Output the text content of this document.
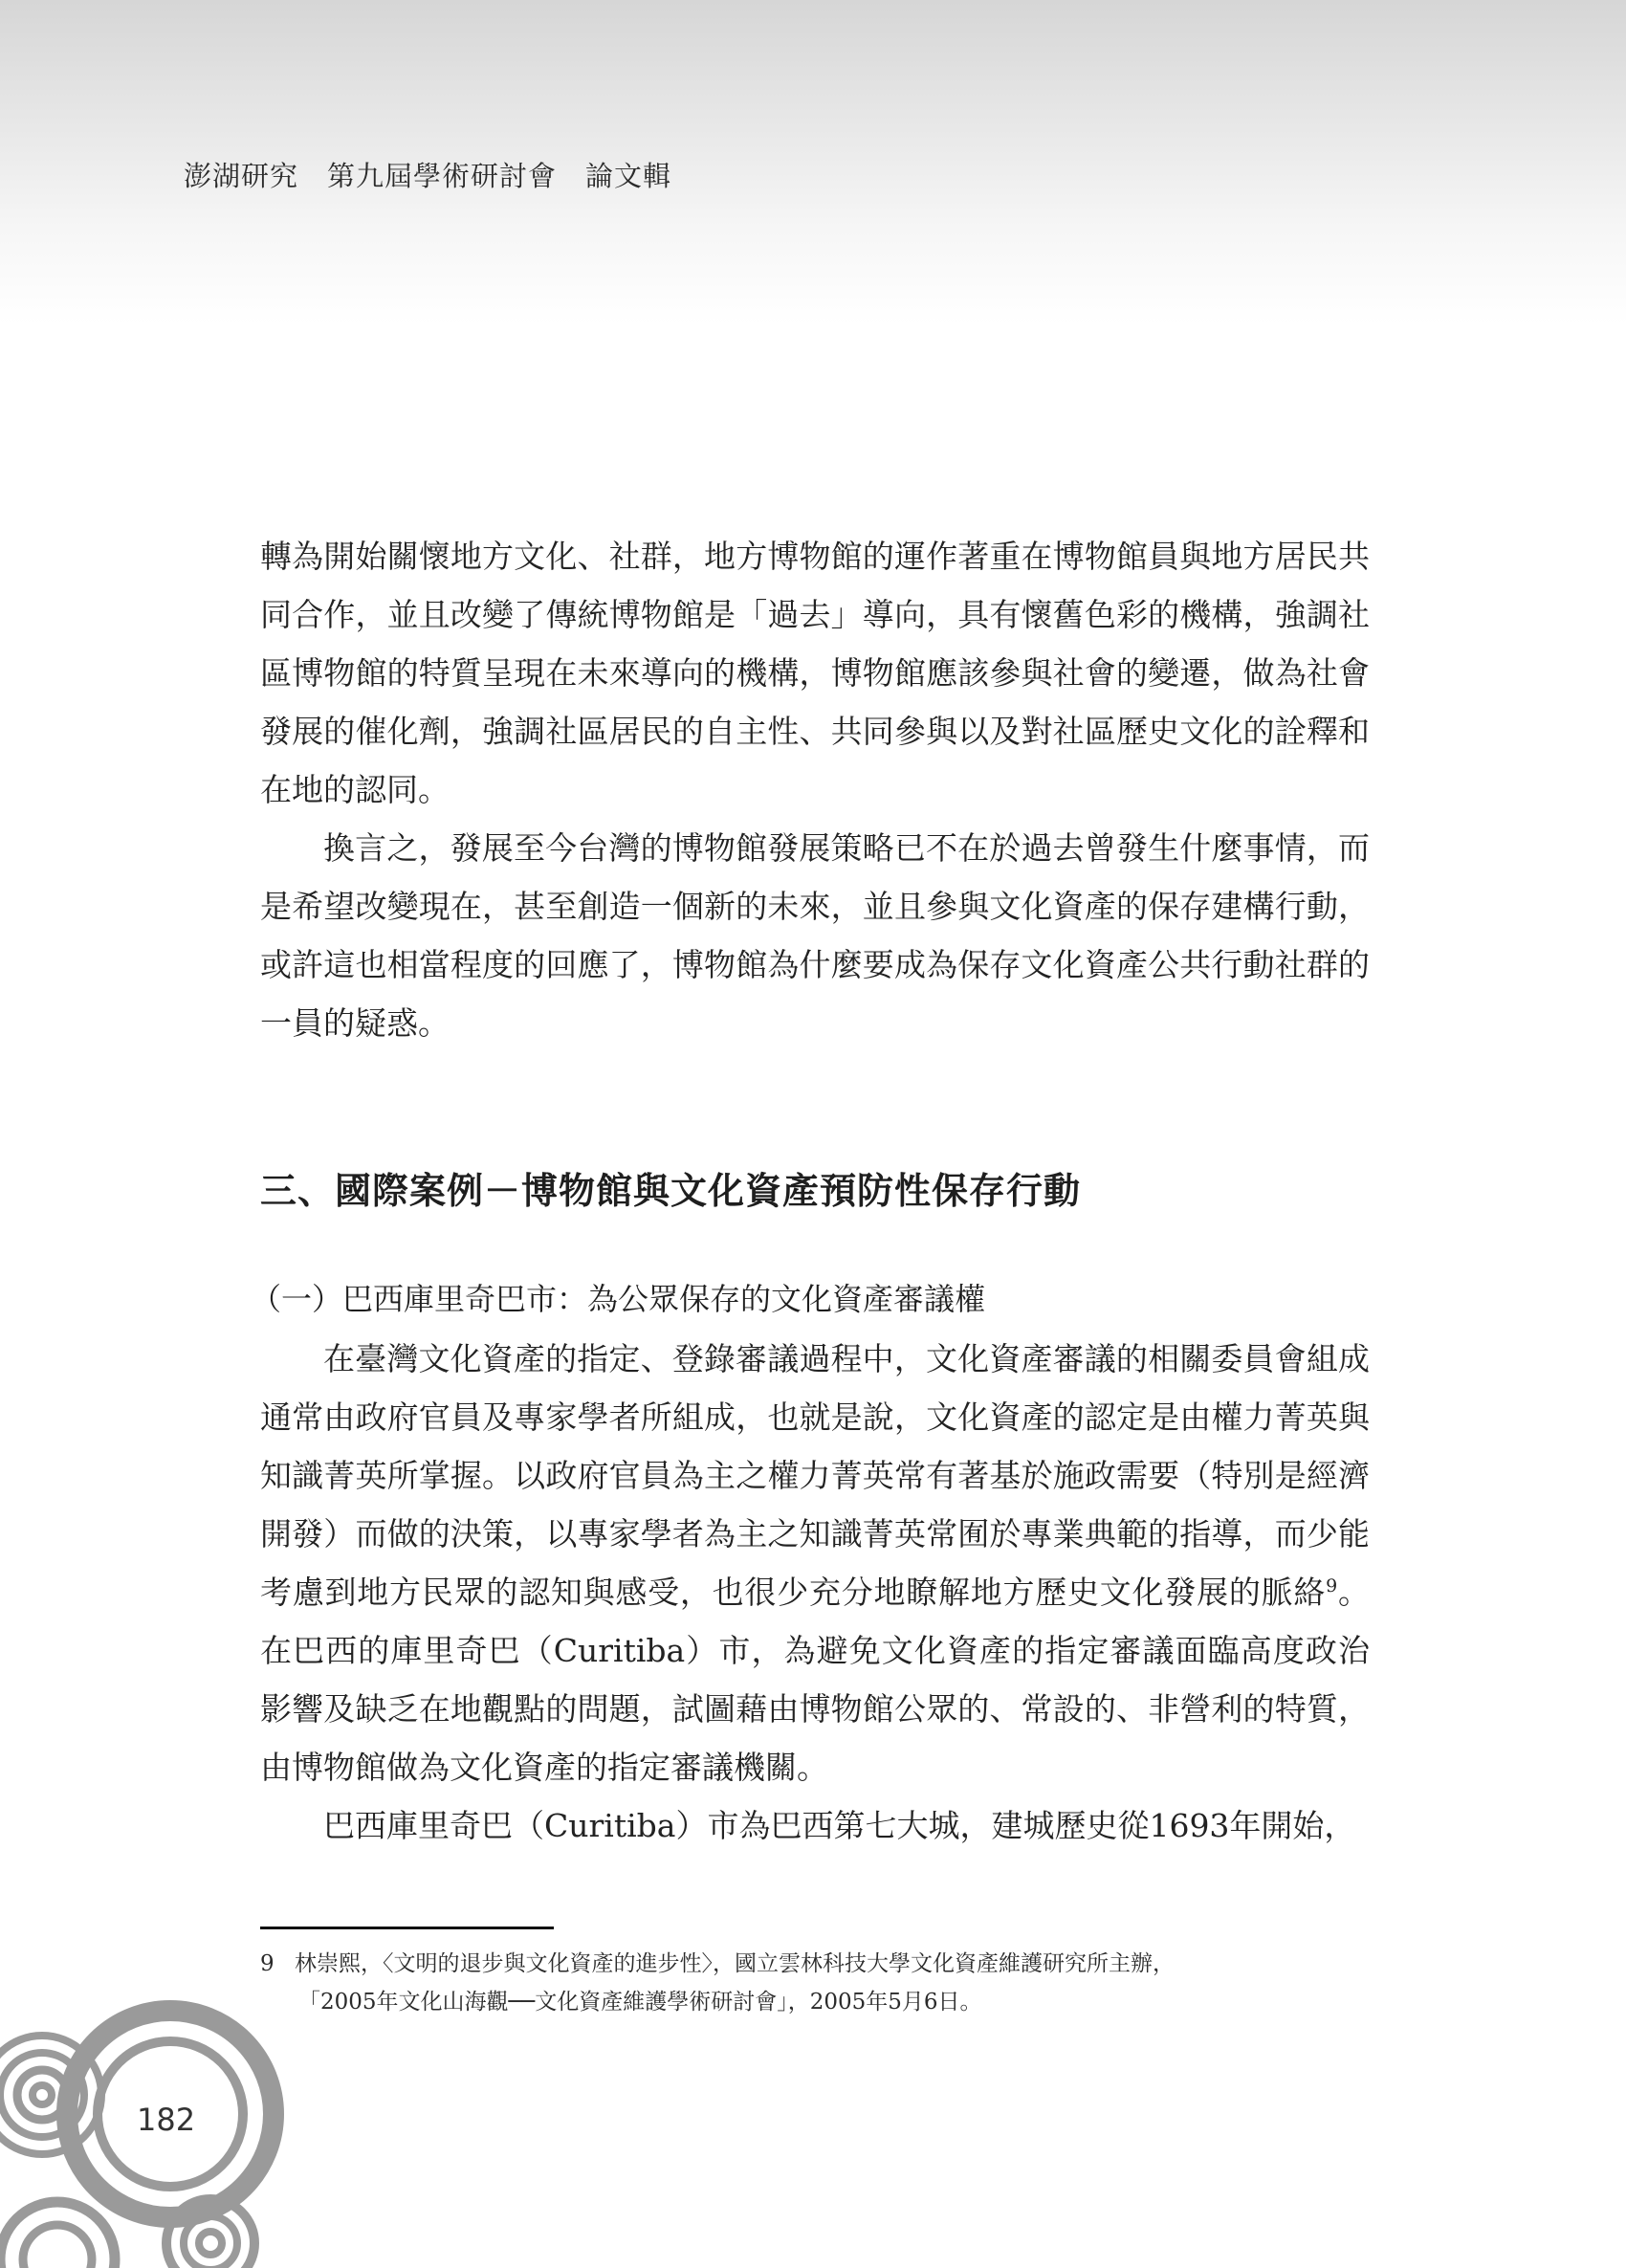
澎湖研究　第九屆學術研討會　論文輯

轉為開始關懷地方文化、社群，地方博物館的運作著重在博物館員與地方居民共同合作，並且改變了傳統博物館是「過去」導向，具有懷舊色彩的機構，強調社區博物館的特質呈現在未來導向的機構，博物館應該參與社會的變遷，做為社會發展的催化劑，強調社區居民的自主性、共同參與以及對社區歷史文化的詮釋和在地的認同。

換言之，發展至今台灣的博物館發展策略已不在於過去曾發生什麼事情，而是希望改變現在，甚至創造一個新的未來，並且參與文化資產的保存建構行動，或許這也相當程度的回應了，博物館為什麼要成為保存文化資產公共行動社群的一員的疑惑。

三、國際案例－博物館與文化資產預防性保存行動
（一）巴西庫里奇巴市：為公眾保存的文化資產審議權

在臺灣文化資產的指定、登錄審議過程中，文化資產審議的相關委員會組成通常由政府官員及專家學者所組成，也就是說，文化資產的認定是由權力菁英與知識菁英所掌握。以政府官員為主之權力菁英常有著基於施政需要（特別是經濟開發）而做的決策，以專家學者為主之知識菁英常囿於專業典範的指導，而少能考慮到地方民眾的認知與感受，也很少充分地瞭解地方歷史文化發展的脈絡$^9$。在巴西的庫里奇巴（Curitiba）市，為避免文化資產的指定審議面臨高度政治影響及缺乏在地觀點的問題，試圖藉由博物館公眾的、常設的、非營利的特質，由博物館做為文化資產的指定審議機關。

巴西庫里奇巴（Curitiba）市為巴西第七大城，建城歷史從1693年開始，

9 林崇熙，〈文明的退步與文化資產的進步性〉，國立雲林科技大學文化資產維護研究所主辦，
「2005年文化山海觀──文化資產維護學術研討會」，2005年5月6日。
182
